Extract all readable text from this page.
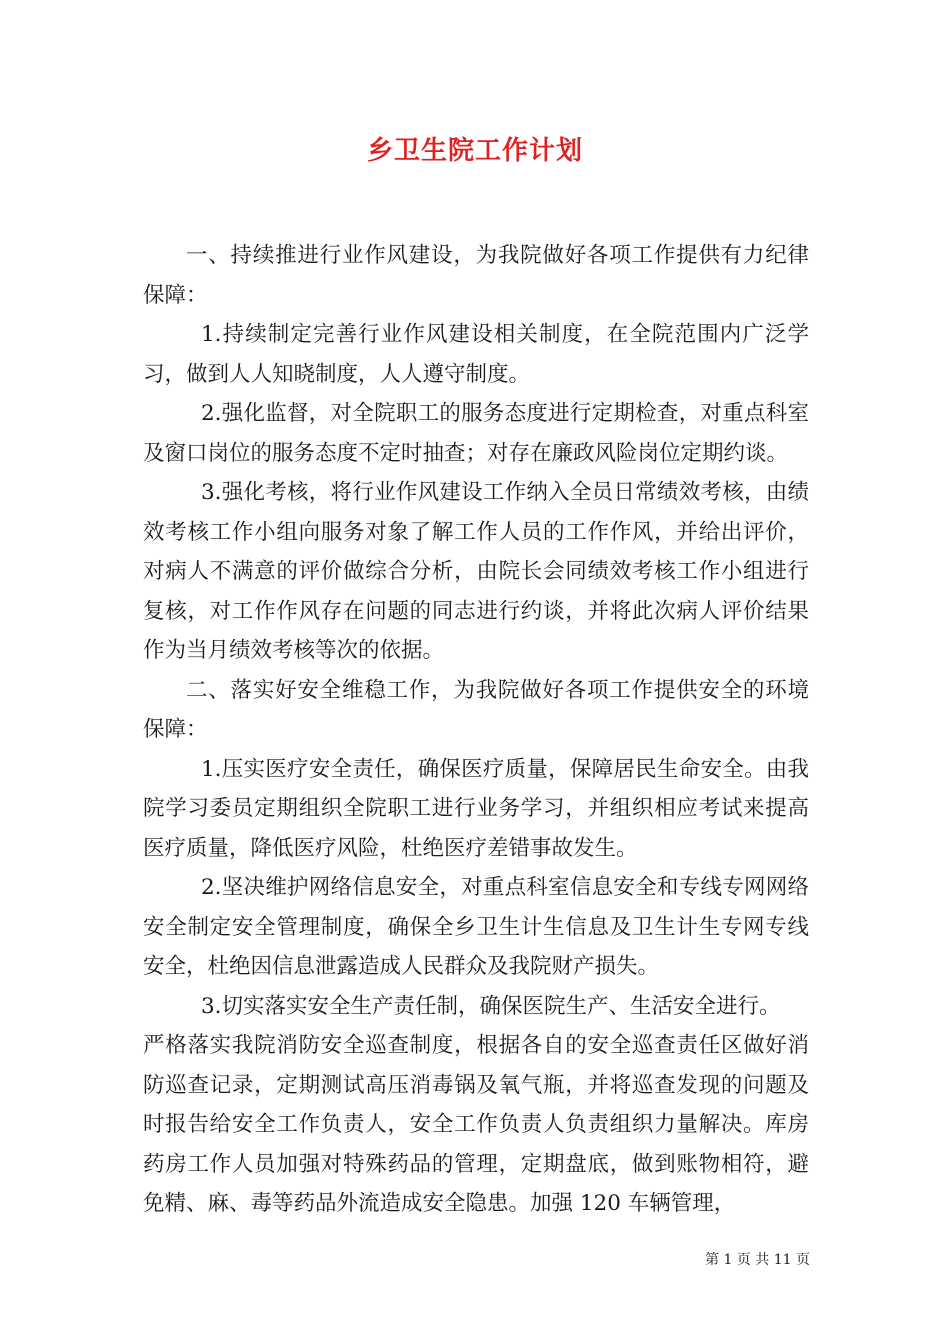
乡卫生院工作计划

一、持续推进行业作风建设，为我院做好各项工作提供有力纪律保障：

1.持续制定完善行业作风建设相关制度，在全院范围内广泛学习，做到人人知晓制度，人人遵守制度。

2.强化监督，对全院职工的服务态度进行定期检查，对重点科室及窗口岗位的服务态度不定时抽查；对存在廉政风险岗位定期约谈。

3.强化考核，将行业作风建设工作纳入全员日常绩效考核，由绩效考核工作小组向服务对象了解工作人员的工作作风，并给出评价，对病人不满意的评价做综合分析，由院长会同绩效考核工作小组进行复核，对工作作风存在问题的同志进行约谈，并将此次病人评价结果作为当月绩效考核等次的依据。

二、落实好安全维稳工作，为我院做好各项工作提供安全的环境保障：

1.压实医疗安全责任，确保医疗质量，保障居民生命安全。由我院学习委员定期组织全院职工进行业务学习，并组织相应考试来提高医疗质量，降低医疗风险，杜绝医疗差错事故发生。

2.坚决维护网络信息安全，对重点科室信息安全和专线专网网络安全制定安全管理制度，确保全乡卫生计生信息及卫生计生专网专线安全，杜绝因信息泄露造成人民群众及我院财产损失。

3.切实落实安全生产责任制，确保医院生产、生活安全进行。

严格落实我院消防安全巡查制度，根据各自的安全巡查责任区做好消防巡查记录，定期测试高压消毒锅及氧气瓶，并将巡查发现的问题及时报告给安全工作负责人，安全工作负责人负责组织力量解决。库房药房工作人员加强对特殊药品的管理，定期盘底，做到账物相符，避免精、麻、毒等药品外流造成安全隐患。加强 120 车辆管理，

第 1 页 共 11 页
